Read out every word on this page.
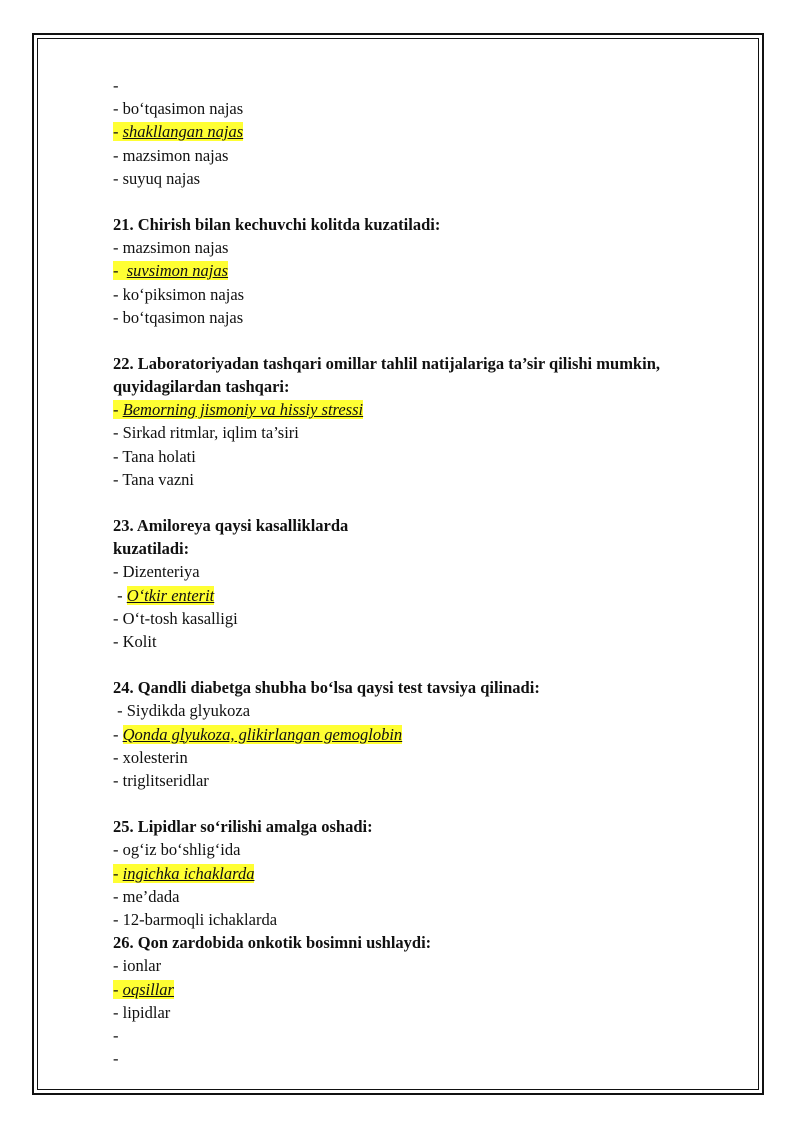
-
- bo‘tqasimon najas
- shakllangan najas
- mazsimon najas
- suyuq najas
21. Chirish bilan kechuvchi kolitda kuzatiladi:
- mazsimon najas
-  suvsimon najas
- ko‘piksimon najas
- bo‘tqasimon najas
22. Laboratoriyadan tashqari omillar tahlil natijalariga ta’sir qilishi mumkin, quyidagilardan tashqari:
- Bemorning jismoniy va hissiy stressi
- Sirkad ritmlar, iqlim ta’siri
- Tana holati
- Tana vazni
23. Amiloreya qaysi kasalliklarda
kuzatiladi:
- Dizenteriya
- O‘tkir enterit
- O‘t-tosh kasalligi
- Kolit
24. Qandli diabetga shubha bo‘lsa qaysi test tavsiya qilinadi:
- Siydikda glyukoza
- Qonda glyukoza, glikirlangan gemoglobin
- xolesterin
- triglitseridlar
25. Lipidlar so‘rilishi amalga oshadi:
- og‘iz bo‘shlig‘ida
- ingichka ichaklarda
- me’dada
- 12-barmoqli ichaklarda
26. Qon zardobida onkotik bosimni ushlaydi:
- ionlar
- oqsillar
- lipidlar
-
-
